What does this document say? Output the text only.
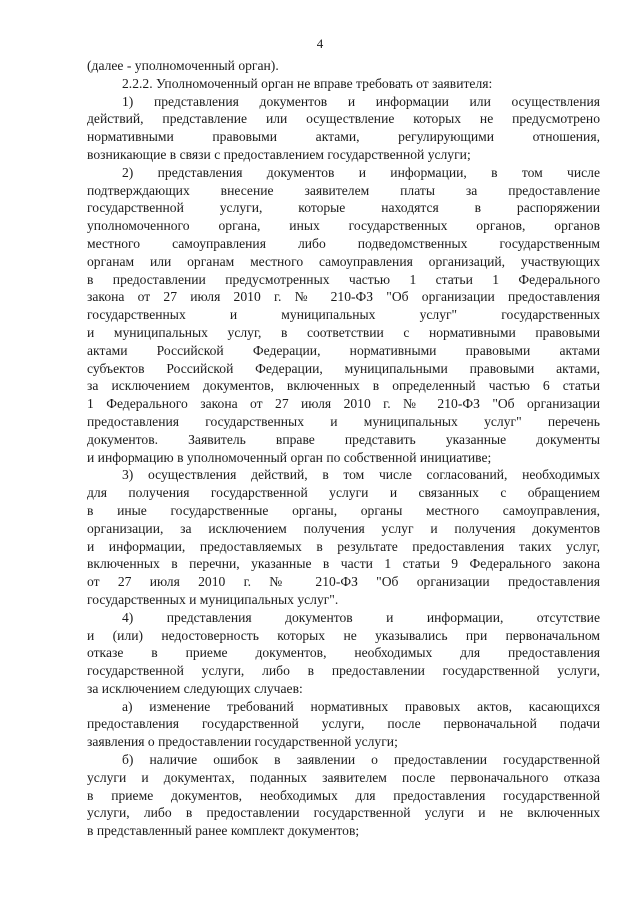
4
(далее - уполномоченный орган).
2.2.2. Уполномоченный орган не вправе требовать от заявителя:
1) представления документов и информации или осуществления
действий, представление или осуществление которых не предусмотрено
нормативными правовыми актами, регулирующими отношения,
возникающие в связи с предоставлением государственной услуги;
2) представления документов и информации, в том числе
подтверждающих внесение заявителем платы за предоставление
государственной услуги, которые находятся в распоряжении
уполномоченного органа, иных государственных органов, органов
местного самоуправления либо подведомственных государственным
органам или органам местного самоуправления организаций, участвующих
в предоставлении предусмотренных частью 1 статьи 1 Федерального
закона от 27 июля 2010 г. № 210-ФЗ "Об организации предоставления
государственных и муниципальных услуг" государственных
и муниципальных услуг, в соответствии с нормативными правовыми
актами Российской Федерации, нормативными правовыми актами
субъектов Российской Федерации, муниципальными правовыми актами,
за исключением документов, включенных в определенный частью 6 статьи
1 Федерального закона от 27 июля 2010 г. № 210-ФЗ "Об организации
предоставления государственных и муниципальных услуг" перечень
документов. Заявитель вправе представить указанные документы
и информацию в уполномоченный орган по собственной инициативе;
3) осуществления действий, в том числе согласований, необходимых
для получения государственной услуги и связанных с обращением
в иные государственные органы, органы местного самоуправления,
организации, за исключением получения услуг и получения документов
и информации, предоставляемых в результате предоставления таких услуг,
включенных в перечни, указанные в части 1 статьи 9 Федерального закона
от 27 июля 2010 г. № 210-ФЗ "Об организации предоставления
государственных и муниципальных услуг".
4) представления документов и информации, отсутствие
и (или) недостоверность которых не указывались при первоначальном
отказе в приеме документов, необходимых для предоставления
государственной услуги, либо в предоставлении государственной услуги,
за исключением следующих случаев:
а) изменение требований нормативных правовых актов, касающихся
предоставления государственной услуги, после первоначальной подачи
заявления о предоставлении государственной услуги;
б) наличие ошибок в заявлении о предоставлении государственной
услуги и документах, поданных заявителем после первоначального отказа
в приеме документов, необходимых для предоставления государственной
услуги, либо в предоставлении государственной услуги и не включенных
в представленный ранее комплект документов;
